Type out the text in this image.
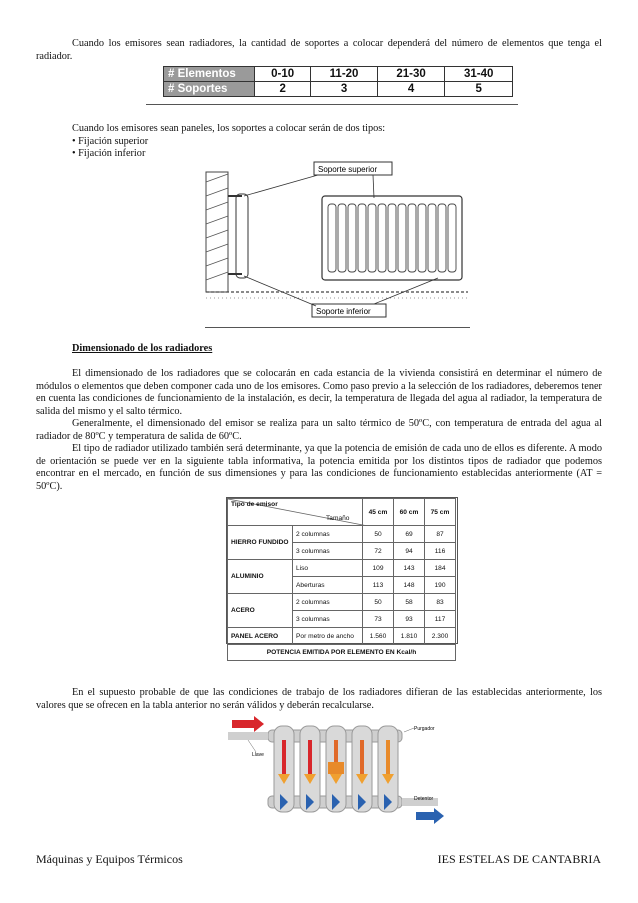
Cuando los emisores sean radiadores, la cantidad de soportes a colocar dependerá del número de elementos que tenga el radiador.
# Elementos	0-10	11-20	21-30	31-40
# Soportes	2	3	4	5
Cuando los emisores sean paneles, los soportes a colocar serán de dos tipos:
• Fijación superior
• Fijación inferior
Soporte superior
Soporte inferior
Dimensionado de los radiadores
El dimensionado de los radiadores que se colocarán en cada estancia de la vivienda consistirá en determinar el número de módulos o elementos que deben componer cada uno de los emisores. Como paso previo a la selección de los radiadores, deberemos tener en cuenta las condiciones de funcionamiento de la instalación, es decir, la temperatura de llegada del agua al radiador, la temperatura de salida del mismo y el salto térmico.
Generalmente, el dimensionado del emisor se realiza para un salto térmico de 50ºC, con temperatura de entrada del agua al radiador de 80ºC y temperatura de salida de 60ºC.
El tipo de radiador utilizado también será determinante, ya que la potencia de emisión de cada uno de ellos es diferente. A modo de orientación se puede ver en la siguiente tabla informativa, la potencia emitida por los distintos tipos de radiador que podemos encontrar en el mercado, en función de sus dimensiones y para las condiciones de funcionamiento establecidas anteriormente (AT = 50ºC).
Tipo de emisor
Tamaño		45 cm	60 cm	75 cm
HIERRO FUNDIDO	2 columnas	50	69	87
	3 columnas	72	94	116
ALUMINIO	Liso	109	143	184
	Aberturas	113	148	190
ACERO	2 columnas	50	58	83
	3 columnas	73	93	117
PANEL ACERO	Por metro de ancho	1.560	1.810	2.300
POTENCIA EMITIDA POR ELEMENTO EN Kcal/h				
En el supuesto probable de que las condiciones de trabajo de los radiadores difieran de las establecidas anteriormente, los valores que se ofrecen en la tabla anterior no serán válidos y deberán recalcularse.
Llave
Purgador
Detentor
Máquinas y Equipos Térmicos	IES ESTELAS DE CANTABRIA
